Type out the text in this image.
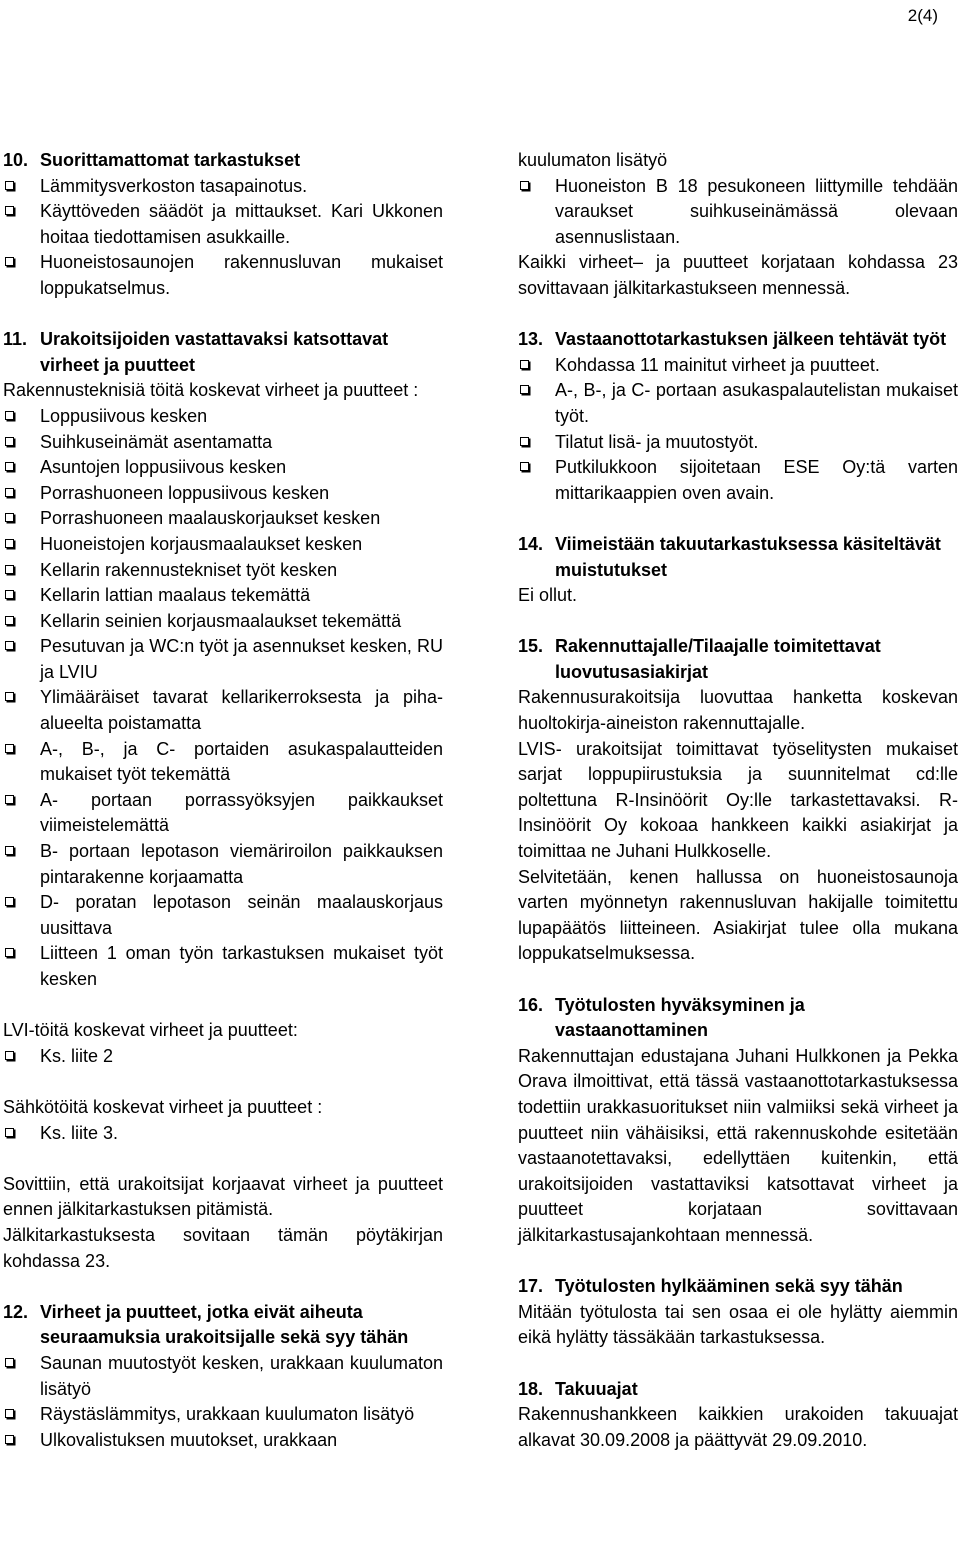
2(4)
10. Suorittamattomat tarkastukset
Lämmitysverkoston tasapainotus.
Käyttöveden säädöt ja mittaukset. Kari Ukkonen hoitaa tiedottamisen asukkaille.
Huoneistosaunojen rakennusluvan mukaiset loppukatselmus.
11. Urakoitsijoiden vastattavaksi katsottavat virheet ja puutteet
Rakennusteknisiä töitä koskevat virheet ja puutteet :
Loppusiivous kesken
Suihkuseinämät asentamatta
Asuntojen loppusiivous kesken
Porrashuoneen loppusiivous kesken
Porrashuoneen maalauskorjaukset kesken
Huoneistojen korjausmaalaukset kesken
Kellarin rakennustekniset työt kesken
Kellarin lattian maalaus tekemättä
Kellarin seinien korjausmaalaukset tekemättä
Pesutuvan ja WC:n työt ja asennukset kesken, RU ja LVIU
Ylimääräiset tavarat kellarikerroksesta ja piha-alueelta poistamatta
A-, B-, ja C- portaiden asukaspalautteiden mukaiset työt tekemättä
A- portaan porrassyöksyjen paikkaukset viimeistelemättä
B- portaan lepotason viemäriroilon paikkauksen pintarakenne korjaamatta
D- poratan lepotason seinän maalauskorjaus uusittava
Liitteen 1 oman työn tarkastuksen mukaiset työt kesken
LVI-töitä koskevat virheet ja puutteet:
Ks. liite 2
Sähkötöitä koskevat virheet ja puutteet :
Ks. liite 3.
Sovittiin, että urakoitsijat korjaavat virheet ja puutteet ennen jälkitarkastuksen pitämistä.
Jälkitarkastuksesta sovitaan tämän pöytäkirjan kohdassa 23.
12. Virheet ja puutteet, jotka eivät aiheuta seuraamuksia urakoitsijalle sekä syy tähän
Saunan muutostyöt kesken, urakkaan kuulumaton lisätyö
Räystäslämmitys, urakkaan kuulumaton lisätyö
Ulkovalistuksen muutokset, urakkaan
kuulumaton lisätyö
Huoneiston B 18 pesukoneen liittymille tehdään varaukset suihkuseinämässä olevaan asennuslistaan.
Kaikki virheet– ja puutteet korjataan kohdassa 23 sovittavaan jälkitarkastukseen mennessä.
13. Vastaanottotarkastuksen jälkeen tehtävät työt
Kohdassa 11 mainitut virheet ja puutteet.
A-, B-, ja C- portaan asukaspalautelistan mukaiset työt.
Tilatut lisä- ja muutostyöt.
Putkilukkoon sijoitetaan ESE Oy:tä varten mittarikaappien oven avain.
14. Viimeistään takuutarkastuksessa käsiteltävät muistutukset
Ei ollut.
15. Rakennuttajalle/Tilaajalle toimitettavat luovutusasiakirjat
Rakennusurakoitsija luovuttaa hanketta koskevan huoltokirja-aineiston rakennuttajalle.
LVIS- urakoitsijat toimittavat työselitysten mukaiset sarjat loppupiirustuksia ja suunnitelmat cd:lle poltettuna R-Insinöörit Oy:lle tarkastettavaksi. R-Insinöörit Oy kokoaa hankkeen kaikki asiakirjat ja toimittaa ne Juhani Hulkkoselle.
Selvitetään, kenen hallussa on huoneistosaunoja varten myönnetyn rakennusluvan hakijalle toimitettu lupapäätös liitteineen. Asiakirjat tulee olla mukana loppukatselmuksessa.
16. Työtulosten hyväksyminen ja vastaanottaminen
Rakennuttajan edustajana Juhani Hulkkonen ja Pekka Orava ilmoittivat, että tässä vastaanottotarkastuksessa todettiin urakkasuoritukset niin valmiiksi sekä virheet ja puutteet niin vähäisiksi, että rakennuskohde esitetään vastaanotettavaksi, edellyttäen kuitenkin, että urakoitsijoiden vastattaviksi katsottavat virheet ja puutteet korjataan sovittavaan jälkitarkastusajankohtaan mennessä.
17. Työtulosten hylkääminen sekä syy tähän
Mitään työtulosta tai sen osaa ei ole hylätty aiemmin eikä hylätty tässäkään tarkastuksessa.
18. Takuuajat
Rakennushankkeen kaikkien urakoiden takuuajat alkavat 30.09.2008 ja päättyvät 29.09.2010.
